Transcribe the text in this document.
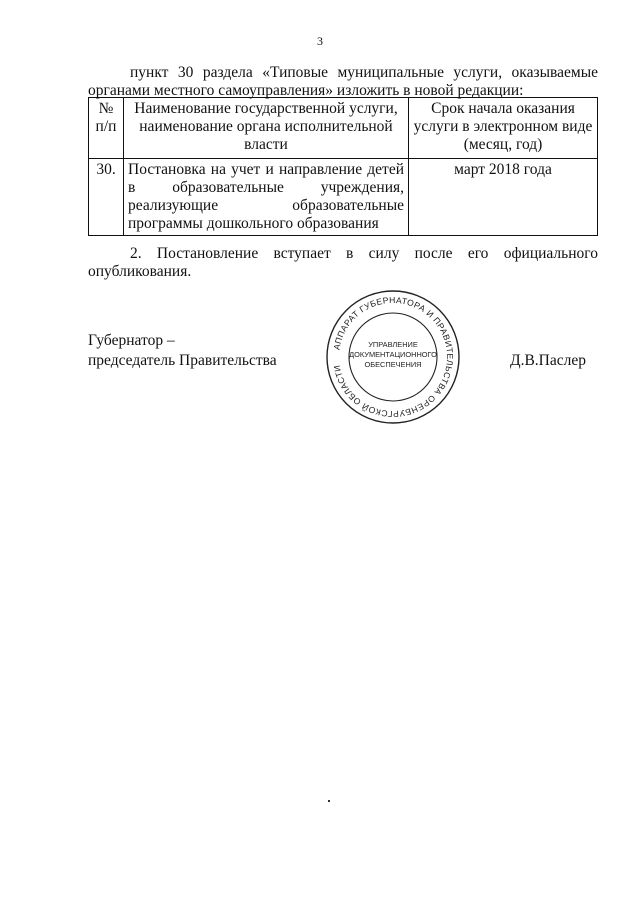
3
пункт 30 раздела «Типовые муниципальные услуги, оказываемые
органами местного самоуправления» изложить в новой редакции:
№ п/п	Наименование государственной услуги, наименование органа исполнительной власти	Срок начала оказания услуги в электронном виде (месяц, год)
30.	Постановка на учет и направление детей в образовательные учреждения, реализующие образовательные программы дошкольного образования	март 2018 года
2. Постановление вступает в силу после его официального
опубликования.
Губернатор –
председатель Правительства	Д.В.Паслер
АППАРАТ ГУБЕРНАТОРА И ПРАВИТЕЛЬСТВА ОРЕНБУРГСКОЙ ОБЛАСТИ
УПРАВЛЕНИЕ
ДОКУМЕНТАЦИОННОГО
ОБЕСПЕЧЕНИЯ
